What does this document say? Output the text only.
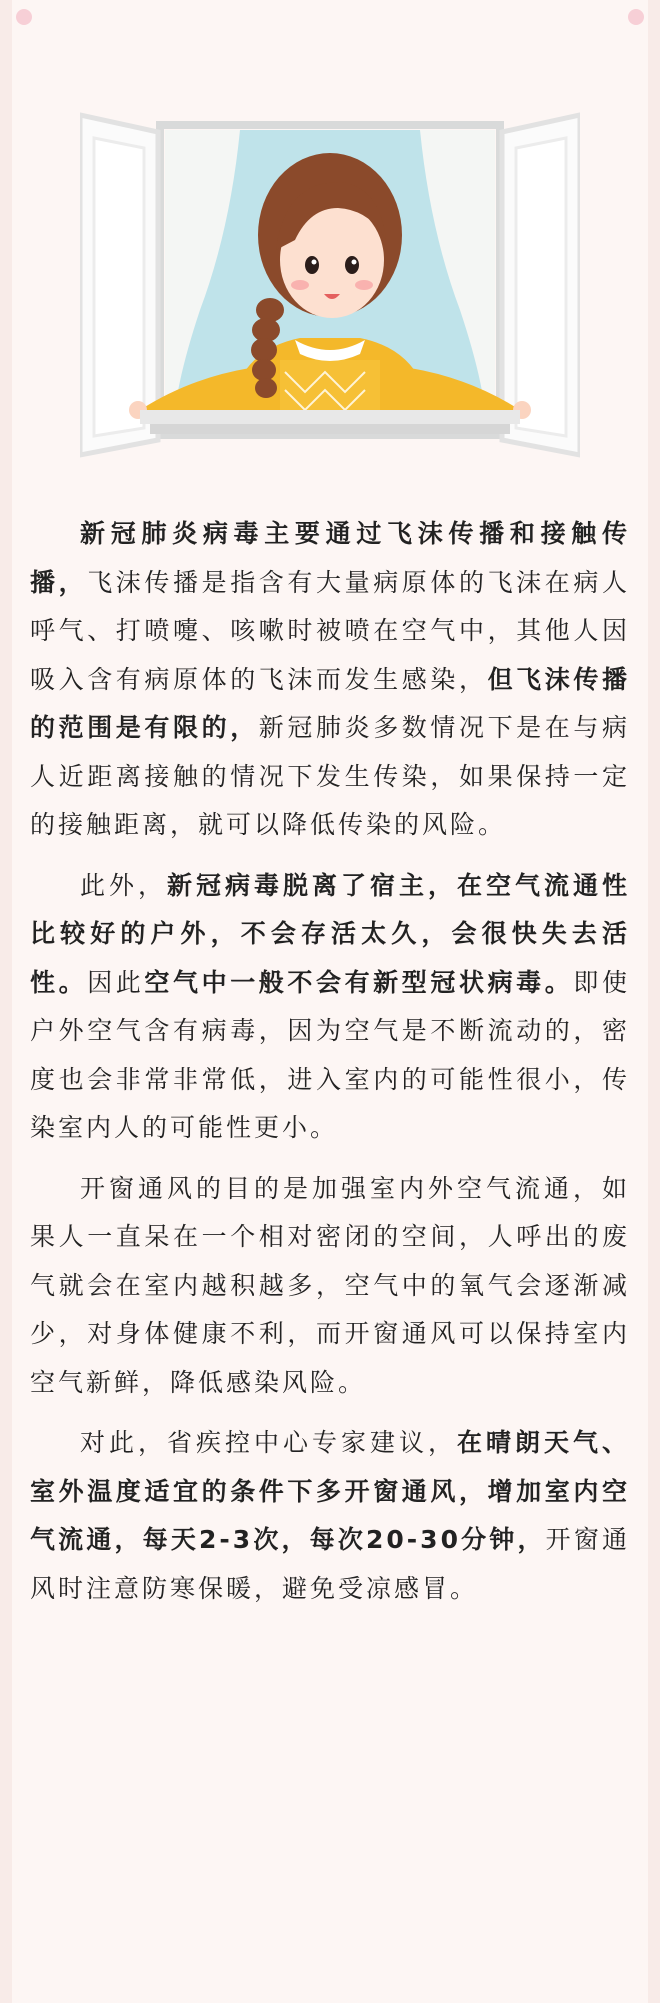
新冠肺炎病毒主要通过飞沫传播和接触传播，飞沫传播是指含有大量病原体的飞沫在病人呼气、打喷嚏、咳嗽时被喷在空气中，其他人因吸入含有病原体的飞沫而发生感染，但飞沫传播的范围是有限的，新冠肺炎多数情况下是在与病人近距离接触的情况下发生传染，如果保持一定的接触距离，就可以降低传染的风险。

此外，新冠病毒脱离了宿主，在空气流通性比较好的户外，不会存活太久，会很快失去活性。因此空气中一般不会有新型冠状病毒。即使户外空气含有病毒，因为空气是不断流动的，密度也会非常非常低，进入室内的可能性很小，传染室内人的可能性更小。

开窗通风的目的是加强室内外空气流通，如果人一直呆在一个相对密闭的空间，人呼出的废气就会在室内越积越多，空气中的氧气会逐渐减少，对身体健康不利，而开窗通风可以保持室内空气新鲜，降低感染风险。

对此，省疾控中心专家建议，在晴朗天气、室外温度适宜的条件下多开窗通风，增加室内空气流通，每天2-3次，每次20-30分钟，开窗通风时注意防寒保暖，避免受凉感冒。
